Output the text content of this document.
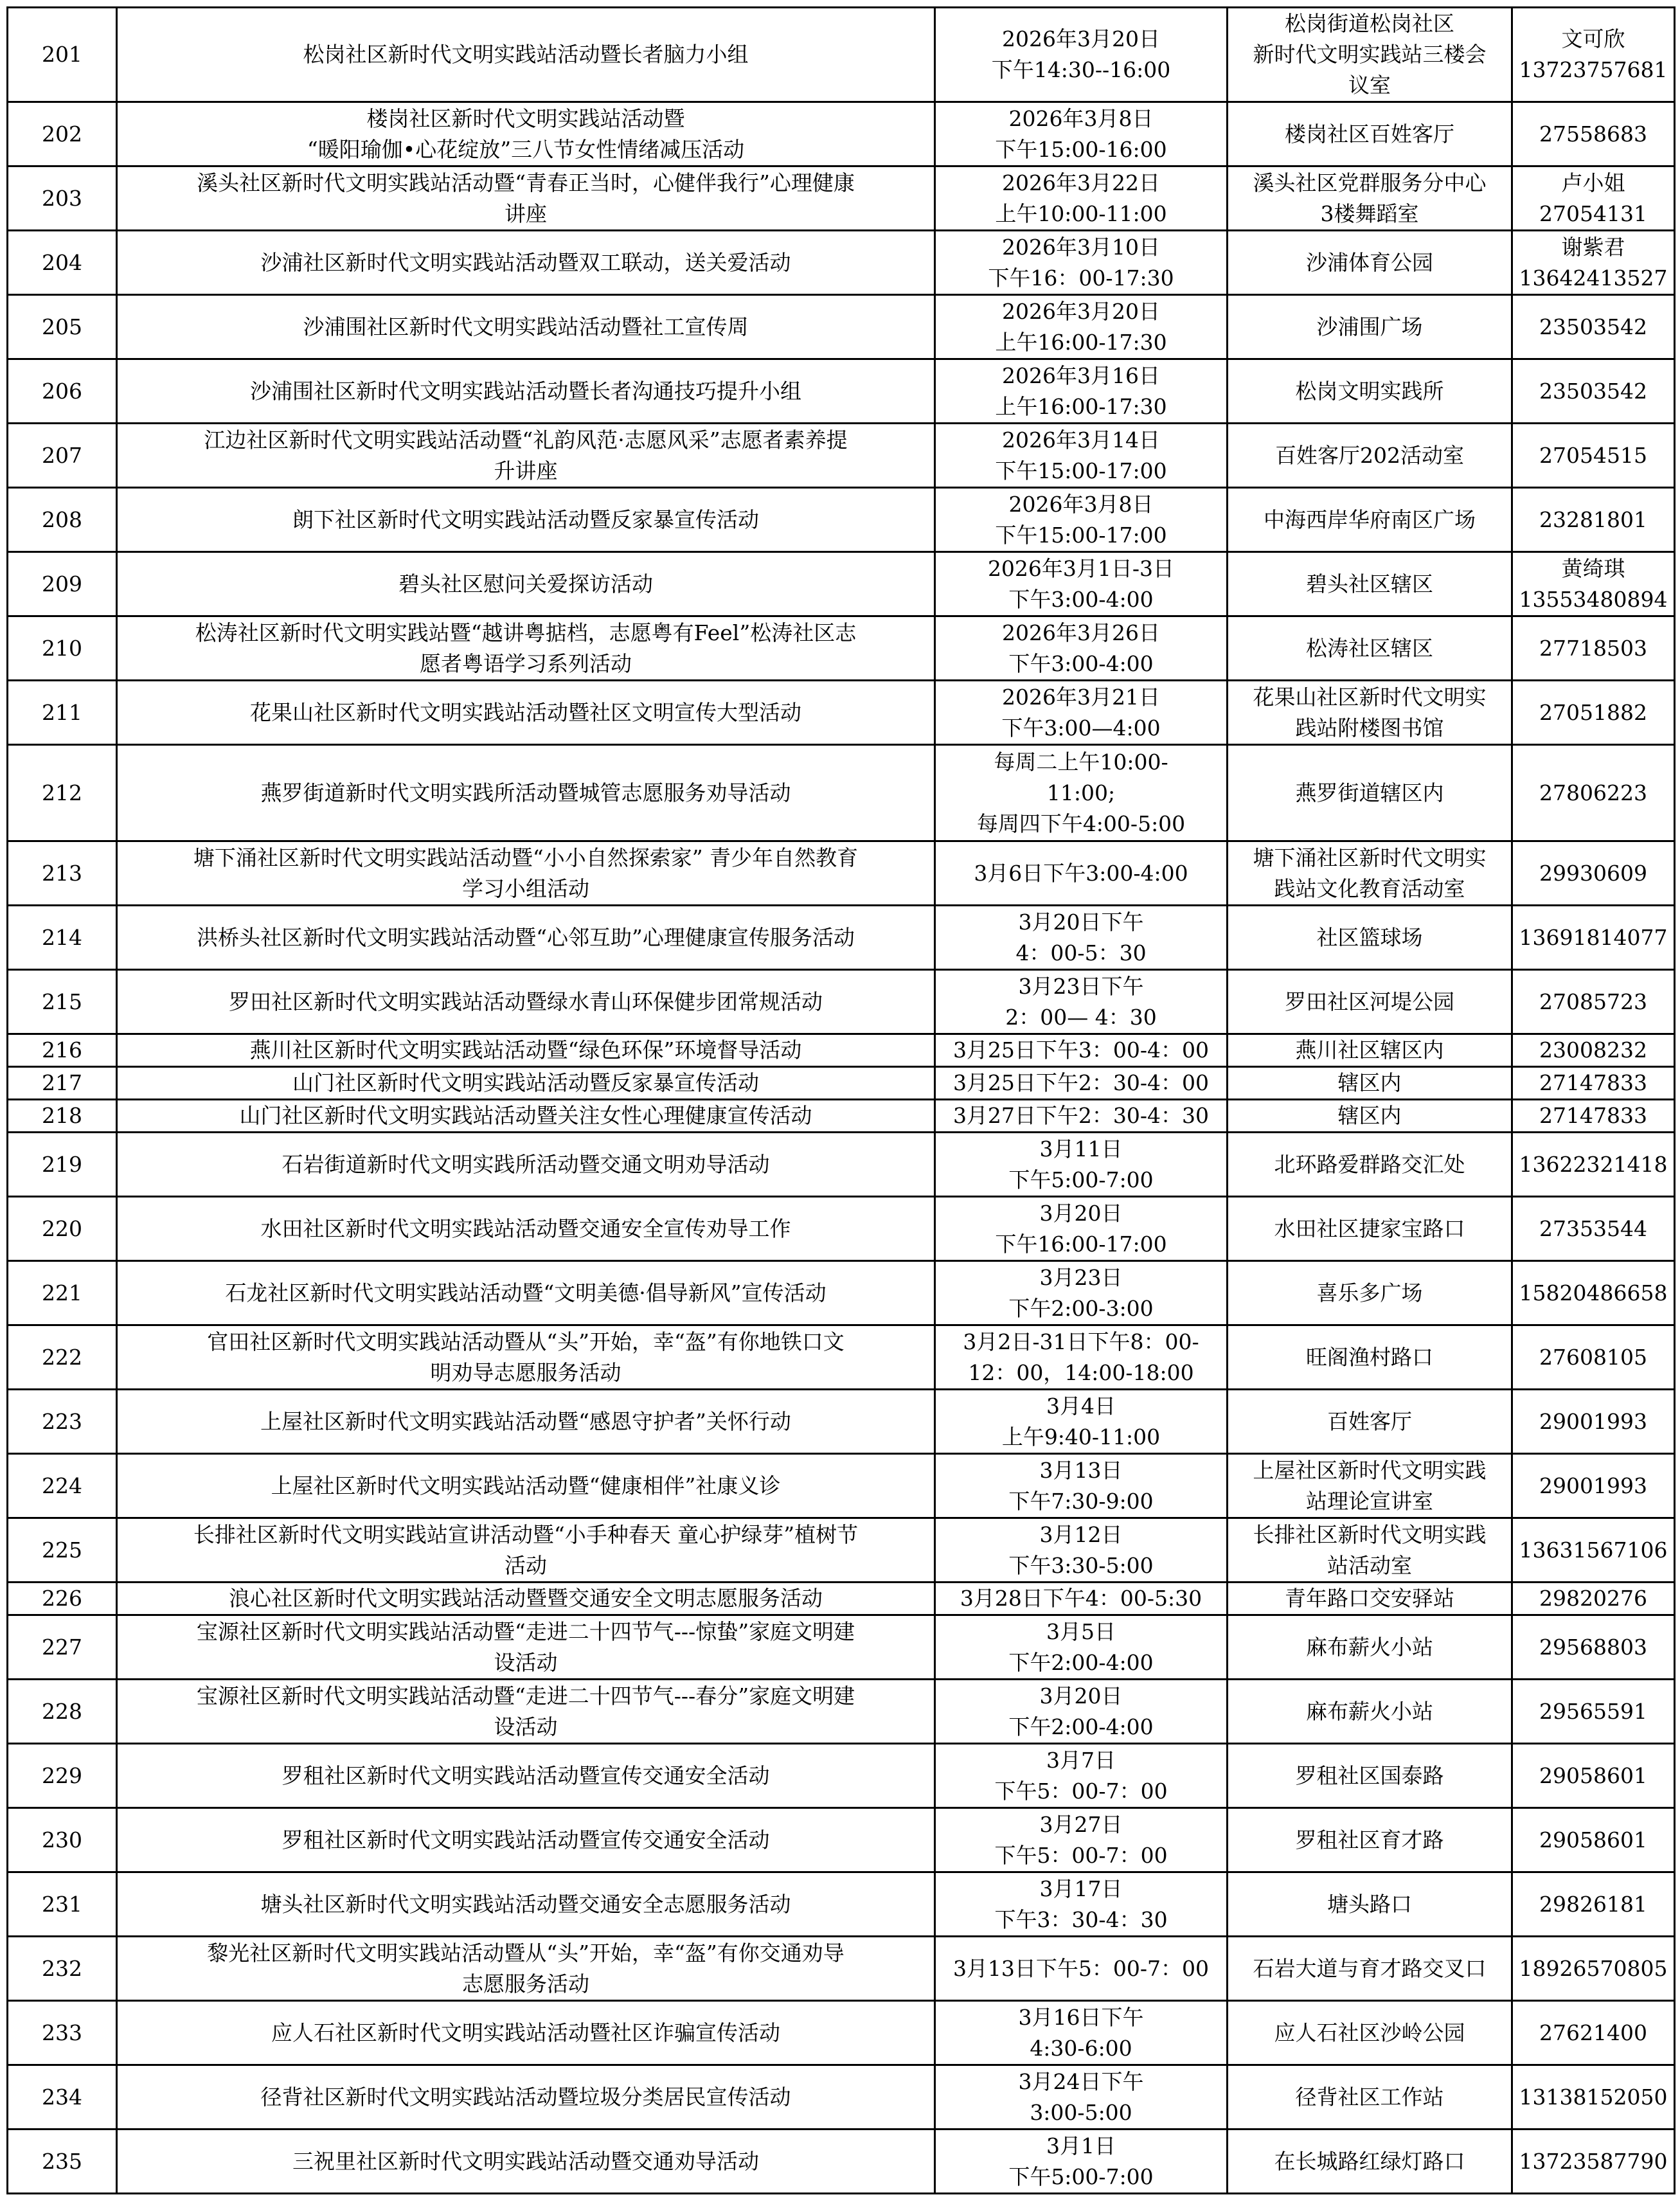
201	松岗社区新时代文明实践站活动暨长者脑力小组	2026年3月20日
下午14:30--16:00	松岗街道松岗社区
新时代文明实践站三楼会
议室	文可欣
13723757681

202	楼岗社区新时代文明实践站活动暨
“暖阳瑜伽•心花绽放”三八节女性情绪减压活动	2026年3月8日
下午15:00-16:00	楼岗社区百姓客厅	27558683

203	溪头社区新时代文明实践站活动暨“青春正当时，心健伴我行”心理健康
讲座	2026年3月22日
上午10:00-11:00	溪头社区党群服务分中心
3楼舞蹈室	卢小姐
27054131

204	沙浦社区新时代文明实践站活动暨双工联动，送关爱活动	2026年3月10日
下午16：00-17:30	沙浦体育公园	谢紫君
13642413527

205	沙浦围社区新时代文明实践站活动暨社工宣传周	2026年3月20日
上午16:00-17:30	沙浦围广场	23503542

206	沙浦围社区新时代文明实践站活动暨长者沟通技巧提升小组	2026年3月16日
上午16:00-17:30	松岗文明实践所	23503542

207	江边社区新时代文明实践站活动暨“礼韵风范·志愿风采”志愿者素养提
升讲座	2026年3月14日
下午15:00-17:00	百姓客厅202活动室	27054515

208	朗下社区新时代文明实践站活动暨反家暴宣传活动	2026年3月8日
下午15:00-17:00	中海西岸华府南区广场	23281801

209	碧头社区慰问关爱探访活动	2026年3月1日-3日
下午3:00-4:00	碧头社区辖区	黄绮琪
13553480894

210	松涛社区新时代文明实践站暨“越讲粤掂档，志愿粤有Feel”松涛社区志
愿者粤语学习系列活动	2026年3月26日
下午3:00-4:00	松涛社区辖区	27718503

211	花果山社区新时代文明实践站活动暨社区文明宣传大型活动	2026年3月21日
下午3:00—4:00	花果山社区新时代文明实
践站附楼图书馆	27051882

212	燕罗街道新时代文明实践所活动暨城管志愿服务劝导活动	每周二上午10:00-
11:00;
每周四下午4:00-5:00	燕罗街道辖区内	27806223

213	塘下涌社区新时代文明实践站活动暨“小小自然探索家” 青少年自然教育
学习小组活动	3月6日下午3:00-4:00	塘下涌社区新时代文明实
践站文化教育活动室	29930609

214	洪桥头社区新时代文明实践站活动暨“心邻互助”心理健康宣传服务活动	3月20日下午
4：00-5：30	社区篮球场	13691814077

215	罗田社区新时代文明实践站活动暨绿水青山环保健步团常规活动	3月23日下午
2：00— 4：30	罗田社区河堤公园	27085723

216	燕川社区新时代文明实践站活动暨“绿色环保”环境督导活动	3月25日下午3：00-4：00	燕川社区辖区内	23008232

217	山门社区新时代文明实践站活动暨反家暴宣传活动	3月25日下午2：30-4：00	辖区内	27147833

218	山门社区新时代文明实践站活动暨关注女性心理健康宣传活动	3月27日下午2：30-4：30	辖区内	27147833

219	石岩街道新时代文明实践所活动暨交通文明劝导活动	3月11日
下午5:00-7:00	北环路爱群路交汇处	13622321418

220	水田社区新时代文明实践站活动暨交通安全宣传劝导工作	3月20日
下午16:00-17:00	水田社区捷家宝路口	27353544

221	石龙社区新时代文明实践站活动暨“文明美德·倡导新风”宣传活动	3月23日
下午2:00-3:00	喜乐多广场	15820486658

222	官田社区新时代文明实践站活动暨从“头”开始，幸“盔”有你地铁口文
明劝导志愿服务活动	3月2日-31日下午8：00-
12：00，14:00-18:00	旺阁渔村路口	27608105

223	上屋社区新时代文明实践站活动暨“感恩守护者”关怀行动	3月4日
上午9:40-11:00	百姓客厅	29001993

224	上屋社区新时代文明实践站活动暨“健康相伴”社康义诊	3月13日
下午7:30-9:00	上屋社区新时代文明实践
站理论宣讲室	29001993

225	长排社区新时代文明实践站宣讲活动暨“小手种春天 童心护绿芽”植树节
活动	3月12日
下午3:30-5:00	长排社区新时代文明实践
站活动室	13631567106

226	浪心社区新时代文明实践站活动暨暨交通安全文明志愿服务活动	3月28日下午4：00-5:30	青年路口交安驿站	29820276

227	宝源社区新时代文明实践站活动暨“走进二十四节气---惊蛰”家庭文明建
设活动	3月5日
下午2:00-4:00	麻布薪火小站	29568803

228	宝源社区新时代文明实践站活动暨“走进二十四节气---春分”家庭文明建
设活动	3月20日
下午2:00-4:00	麻布薪火小站	29565591

229	罗租社区新时代文明实践站活动暨宣传交通安全活动	3月7日
下午5：00-7：00	罗租社区国泰路	29058601

230	罗租社区新时代文明实践站活动暨宣传交通安全活动	3月27日
下午5：00-7：00	罗租社区育才路	29058601

231	塘头社区新时代文明实践站活动暨交通安全志愿服务活动	3月17日
下午3：30-4：30	塘头路口	29826181

232	黎光社区新时代文明实践站活动暨从“头”开始，幸“盔”有你交通劝导
志愿服务活动	3月13日下午5：00-7：00	石岩大道与育才路交叉口	18926570805

233	应人石社区新时代文明实践站活动暨社区诈骗宣传活动	3月16日下午
4:30-6:00	应人石社区沙岭公园	27621400

234	径背社区新时代文明实践站活动暨垃圾分类居民宣传活动	3月24日下午
3:00-5:00	径背社区工作站	13138152050

235	三祝里社区新时代文明实践站活动暨交通劝导活动	3月1日
下午5:00-7:00	在长城路红绿灯路口	13723587790
